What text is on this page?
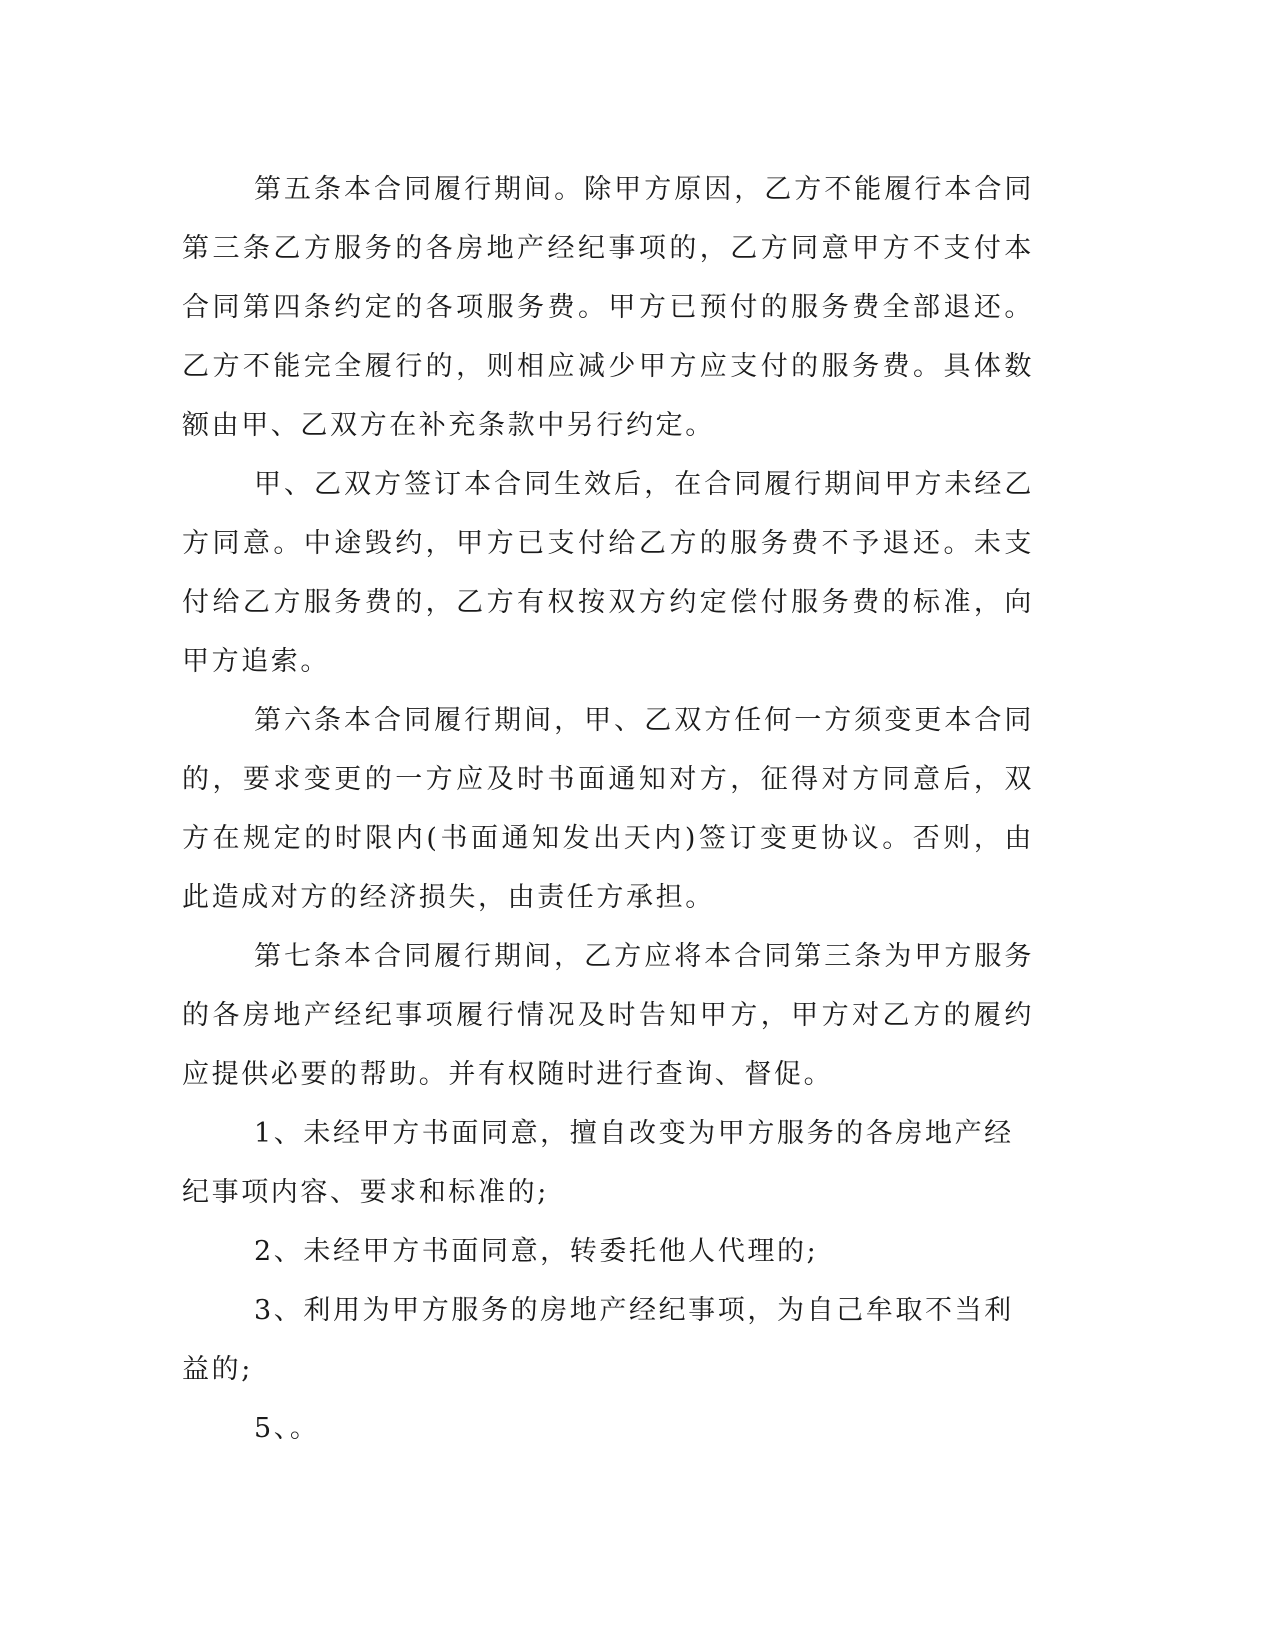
第五条本合同履行期间。除甲方原因，乙方不能履行本合同第三条乙方服务的各房地产经纪事项的，乙方同意甲方不支付本合同第四条约定的各项服务费。甲方已预付的服务费全部退还。乙方不能完全履行的，则相应减少甲方应支付的服务费。具体数额由甲、乙双方在补充条款中另行约定。

甲、乙双方签订本合同生效后，在合同履行期间甲方未经乙方同意。中途毁约，甲方已支付给乙方的服务费不予退还。未支付给乙方服务费的，乙方有权按双方约定偿付服务费的标准，向甲方追索。

第六条本合同履行期间，甲、乙双方任何一方须变更本合同的，要求变更的一方应及时书面通知对方，征得对方同意后，双方在规定的时限内(书面通知发出天内)签订变更协议。否则，由此造成对方的经济损失，由责任方承担。

第七条本合同履行期间，乙方应将本合同第三条为甲方服务的各房地产经纪事项履行情况及时告知甲方，甲方对乙方的履约应提供必要的帮助。并有权随时进行查询、督促。

1、未经甲方书面同意，擅自改变为甲方服务的各房地产经纪事项内容、要求和标准的;

2、未经甲方书面同意，转委托他人代理的;

3、利用为甲方服务的房地产经纪事项，为自己牟取不当利益的;

5、。
